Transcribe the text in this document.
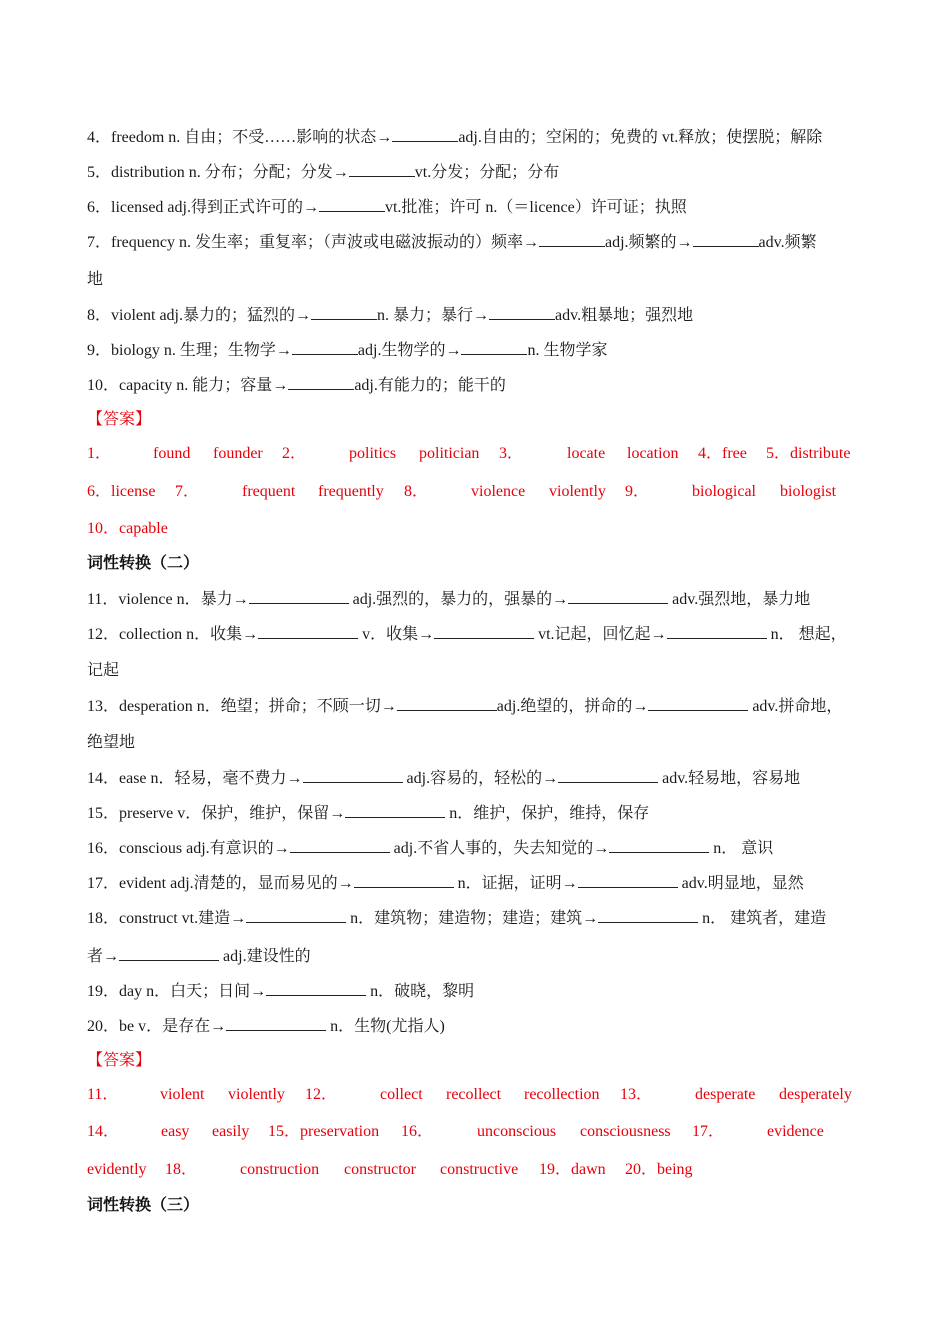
4．freedom n. 自由；不受……影响的状态→	adj.自由的；空闲的；免费的 vt.释放；使摆脱；解除
5．distribution n. 分布；分配；分发→	vt.分发；分配；分布
6．licensed adj.得到正式许可的→	vt.批准；许可 n.（＝licence）许可证；执照
7．frequency n. 发生率；重复率；（声波或电磁波振动的）频率→	adj.频繁的→	adv.频繁
地
8．violent adj.暴力的；猛烈的→	n. 暴力；暴行→	adv.粗暴地；强烈地
9．biology n. 生理；生物学→	adj.生物学的→	n. 生物学家
10．capacity n. 能力；容量→	adj.有能力的；能干的
【答案】
1．	found founder 2．	politics politician 3．	locate location 4．free 5．distribute
6．license 7．	frequent frequently 8．	violence violently 9．	biological biologist
10．capable
词性转换（二）
11．violence n．暴力→	adj.强烈的，暴力的，强暴的→	adv.强烈地，暴力地
12．collection n．收集→	v．收集→	vt.记起，回忆起→	n． 想起，
记起
13．desperation n．绝望；拼命；不顾一切→	adj.绝望的，拼命的→	adv.拼命地，
绝望地
14．ease n．轻易，毫不费力→	adj.容易的，轻松的→	adv.轻易地，容易地
15．preserve v．保护，维护，保留→	n．维护，保护，维持，保存
16．conscious adj.有意识的→	adj.不省人事的，失去知觉的→	n． 意识
17．evident adj.清楚的，显而易见的→	n．证据，证明→	adv.明显地，显然
18．construct vt.建造→	n．建筑物；建造物；建造；建筑→	n． 建筑者，建造
者→	adj.建设性的
19．day n．白天；日间→	n．破晓，黎明
20．be v．是存在→	n．生物(尤指人)
【答案】
11．	violent violently 12．	collect recollect recollection 13．	desperate desperately
14．	easy easily 15．preservation 16．	unconscious consciousness 17．	evidence
evidently 18．	construction constructor constructive 19．dawn 20．being
词性转换（三）
